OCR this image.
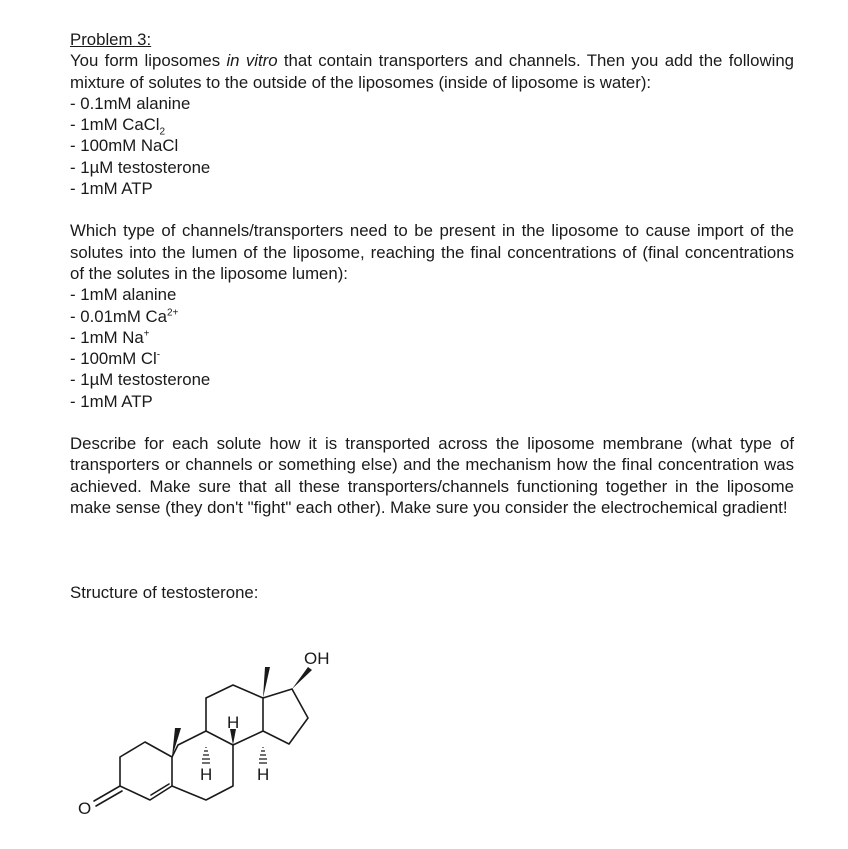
Problem 3:
You form liposomes in vitro that contain transporters and channels. Then you add the following mixture of solutes to the outside of the liposomes (inside of liposome is water):
- 0.1mM alanine
- 1mM CaCl$_2$
- 100mM NaCl
- 1µM testosterone
- 1mM ATP
Which type of channels/transporters need to be present in the liposome to cause import of the solutes into the lumen of the liposome, reaching the final concentrations of (final concentrations of the solutes in the liposome lumen):
- 1mM alanine
- 0.01mM $Ca^{2+}$
- 1mM Na+
- 100mM Cl-
- 1µM testosterone
- 1mM ATP
Describe for each solute how it is transported across the liposome membrane (what type of transporters or channels or something else) and the mechanism how the final concentration was achieved. Make sure that all these transporters/channels functioning together in the liposome make sense (they don't "fight" each other). Make sure you consider the electrochemical gradient!
Structure of testosterone:
OH
H
H	H
O
